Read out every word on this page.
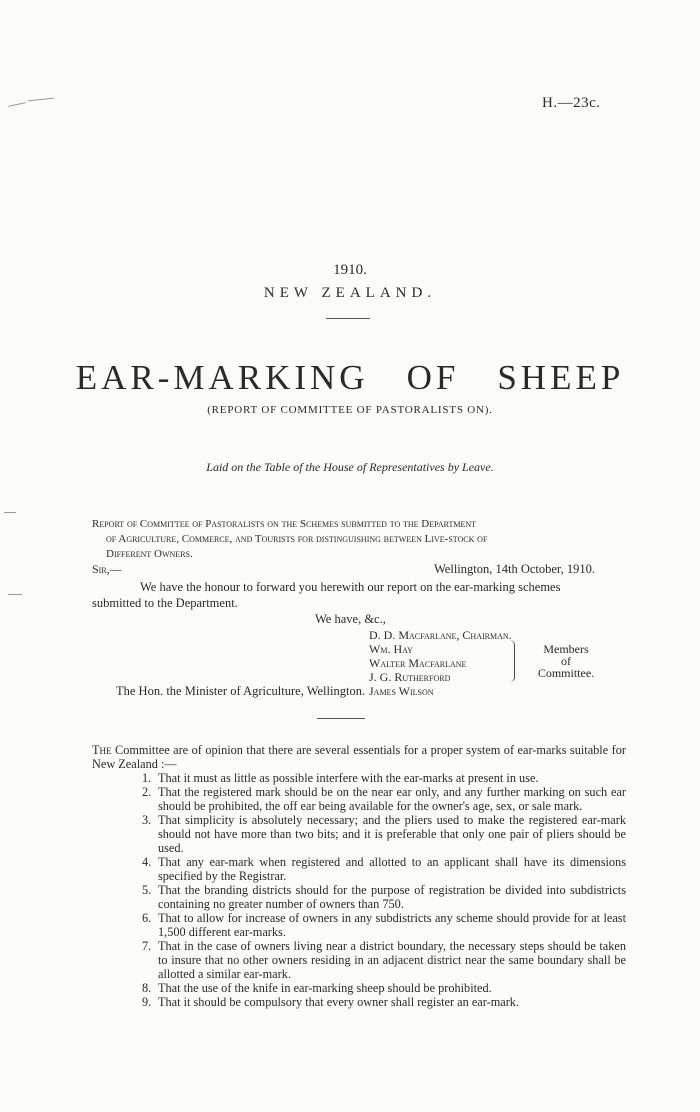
H.—23c.
1910.
NEW ZEALAND.
EAR-MARKING OF SHEEP
(REPORT OF COMMITTEE OF PASTORALISTS ON).
Laid on the Table of the House of Representatives by Leave.
Report of Committee of Pastoralists on the Schemes submitted to the Department
of Agriculture, Commerce, and Tourists for distinguishing between Live-stock of
Different Owners.
Sir,—	Wellington, 14th October, 1910.
We have the honour to forward you herewith our report on the ear-marking schemes
submitted to the Department.
We have, &c.,
D. D. Macfarlane, Chairman.
Wm. Hay
Walter Macfarlane
J. G. Rutherford
James Wilson
Members
of
Committee.
The Hon. the Minister of Agriculture, Wellington.
The Committee are of opinion that there are several essentials for a proper system of ear-marks suitable for New Zealand :—
1. That it must as little as possible interfere with the ear-marks at present in use.
2. That the registered mark should be on the near ear only, and any further marking on such ear should be prohibited, the off ear being available for the owner's age, sex, or sale mark.
3. That simplicity is absolutely necessary; and the pliers used to make the registered ear-mark should not have more than two bits; and it is preferable that only one pair of pliers should be used.
4. That any ear-mark when registered and allotted to an applicant shall have its dimensions specified by the Registrar.
5. That the branding districts should for the purpose of registration be divided into subdistricts containing no greater number of owners than 750.
6. That to allow for increase of owners in any subdistricts any scheme should provide for at least 1,500 different ear-marks.
7. That in the case of owners living near a district boundary, the necessary steps should be taken to insure that no other owners residing in an adjacent district near the same boundary shall be allotted a similar ear-mark.
8. That the use of the knife in ear-marking sheep should be prohibited.
9. That it should be compulsory that every owner shall register an ear-mark.
